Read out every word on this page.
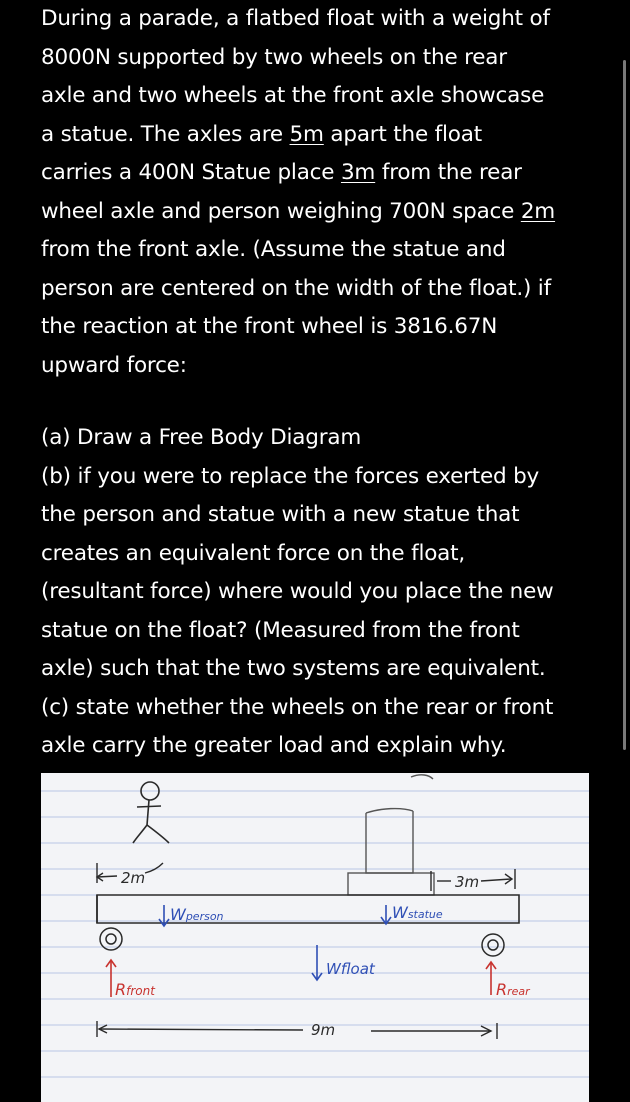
During a parade, a flatbed float with a weight of
8000N supported by two wheels on the rear
axle and two wheels at the front axle showcase
a statue. The axles are 5m apart the float
carries a 400N Statue place 3m from the rear
wheel axle and person weighing 700N space 2m
from the front axle. (Assume the statue and
person are centered on the width of the float.) if
the reaction at the front wheel is 3816.67N
upward force:
(a) Draw a Free Body Diagram
(b) if you were to replace the forces exerted by
the person and statue with a new statue that
creates an equivalent force on the float,
(resultant force) where would you place the new
statue on the float? (Measured from the front
axle) such that the two systems are equivalent.
(c) state whether the wheels on the rear or front
axle carry the greater load and explain why.
2m	3m
Wperson	Wstatue
Wfloat
Rfront	Rrear
9m
